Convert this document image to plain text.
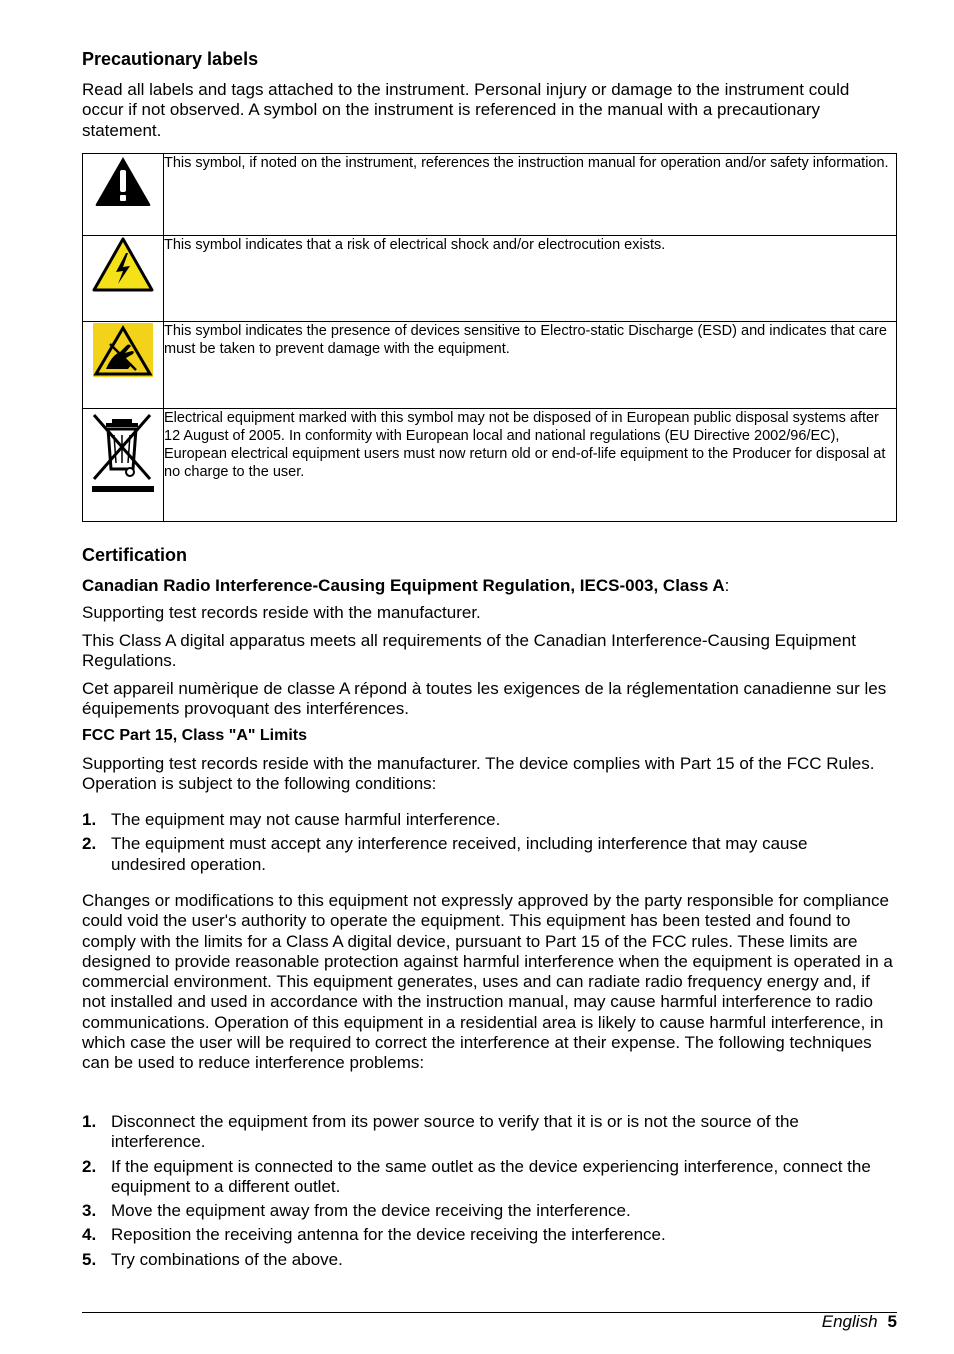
Precautionary labels

Read all labels and tags attached to the instrument. Personal injury or damage to the instrument could occur if not observed. A symbol on the instrument is referenced in the manual with a precautionary statement.

	This symbol, if noted on the instrument, references the instruction manual for operation and/or safety information.
	This symbol indicates that a risk of electrical shock and/or electrocution exists.
	This symbol indicates the presence of devices sensitive to Electro-static Discharge (ESD) and indicates that care must be taken to prevent damage with the equipment.
	Electrical equipment marked with this symbol may not be disposed of in European public disposal systems after 12 August of 2005. In conformity with European local and national regulations (EU Directive 2002/96/EC), European electrical equipment users must now return old or end-of-life equipment to the Producer for disposal at no charge to the user.
Certification
Canadian Radio Interference-Causing Equipment Regulation, IECS-003, Class A:

Supporting test records reside with the manufacturer.

This Class A digital apparatus meets all requirements of the Canadian Interference-Causing Equipment Regulations.

Cet appareil numèrique de classe A répond à toutes les exigences de la réglementation canadienne sur les équipements provoquant des interférences.

FCC Part 15, Class "A" Limits

Supporting test records reside with the manufacturer. The device complies with Part 15 of the FCC Rules. Operation is subject to the following conditions:

1. The equipment may not cause harmful interference.
2. The equipment must accept any interference received, including interference that may cause undesired operation.

Changes or modifications to this equipment not expressly approved by the party responsible for compliance could void the user's authority to operate the equipment. This equipment has been tested and found to comply with the limits for a Class A digital device, pursuant to Part 15 of the FCC rules. These limits are designed to provide reasonable protection against harmful interference when the equipment is operated in a commercial environment. This equipment generates, uses and can radiate radio frequency energy and, if not installed and used in accordance with the instruction manual, may cause harmful interference to radio communications. Operation of this equipment in a residential area is likely to cause harmful interference, in which case the user will be required to correct the interference at their expense. The following techniques can be used to reduce interference problems:

1. Disconnect the equipment from its power source to verify that it is or is not the source of the interference.
2. If the equipment is connected to the same outlet as the device experiencing interference, connect the equipment to a different outlet.
3. Move the equipment away from the device receiving the interference.
4. Reposition the receiving antenna for the device receiving the interference.
5. Try combinations of the above.
English 5
